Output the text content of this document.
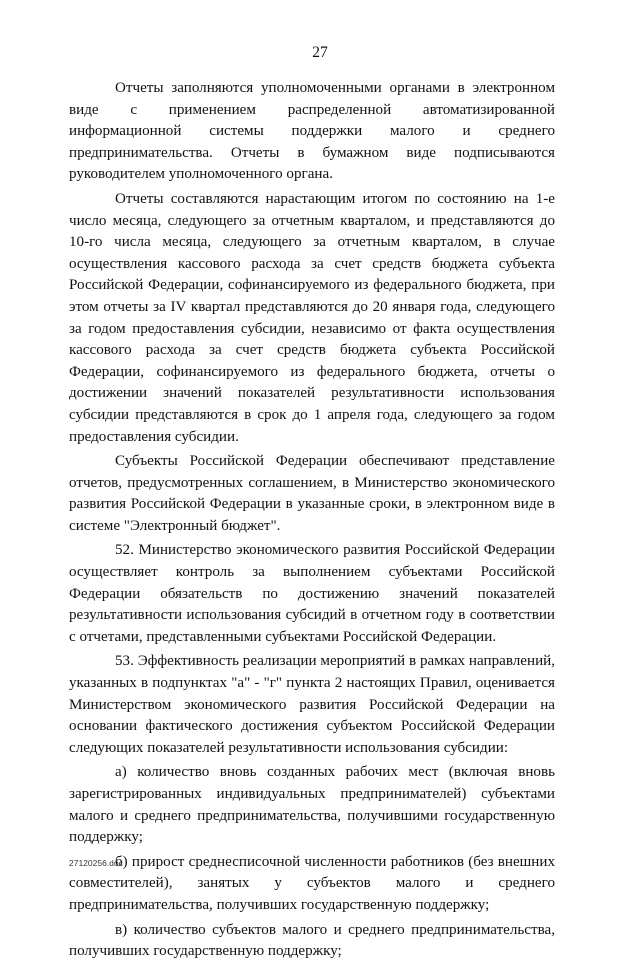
27

Отчеты заполняются уполномоченными органами в электронном виде с применением распределенной автоматизированной информационной системы поддержки малого и среднего предпринимательства. Отчеты в бумажном виде подписываются руководителем уполномоченного органа.

Отчеты составляются нарастающим итогом по состоянию на 1-е число месяца, следующего за отчетным кварталом, и представляются до 10-го числа месяца, следующего за отчетным кварталом, в случае осуществления кассового расхода за счет средств бюджета субъекта Российской Федерации, софинансируемого из федерального бюджета, при этом отчеты за IV квартал представляются до 20 января года, следующего за годом предоставления субсидии, независимо от факта осуществления кассового расхода за счет средств бюджета субъекта Российской Федерации, софинансируемого из федерального бюджета, отчеты о достижении значений показателей результативности использования субсидии представляются в срок до 1 апреля года, следующего за годом предоставления субсидии.

Субъекты Российской Федерации обеспечивают представление отчетов, предусмотренных соглашением, в Министерство экономического развития Российской Федерации в указанные сроки, в электронном виде в системе "Электронный бюджет".

52. Министерство экономического развития Российской Федерации осуществляет контроль за выполнением субъектами Российской Федерации обязательств по достижению значений показателей результативности использования субсидий в отчетном году в соответствии с отчетами, представленными субъектами Российской Федерации.

53. Эффективность реализации мероприятий в рамках направлений, указанных в подпунктах "а" - "г" пункта 2 настоящих Правил, оценивается Министерством экономического развития Российской Федерации на основании фактического достижения субъектом Российской Федерации следующих показателей результативности использования субсидии:

а) количество вновь созданных рабочих мест (включая вновь зарегистрированных индивидуальных предпринимателей) субъектами малого и среднего предпринимательства, получившими государственную поддержку;

б) прирост среднесписочной численности работников (без внешних совместителей), занятых у субъектов малого и среднего предпринимательства, получивших государственную поддержку;

в) количество субъектов малого и среднего предпринимательства, получивших государственную поддержку;

27120256.doc
